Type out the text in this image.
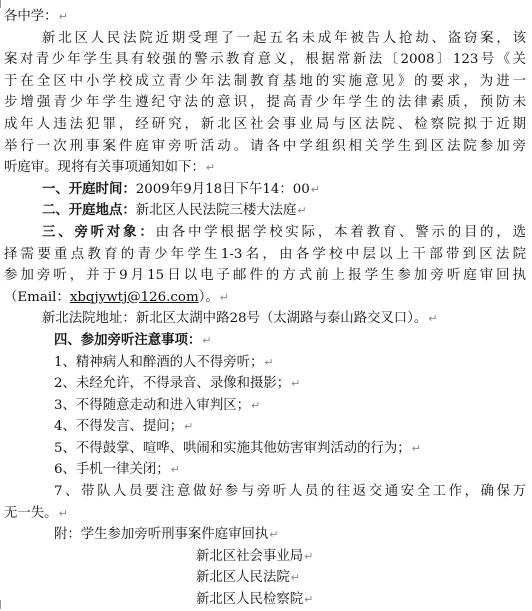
各中学：↵
新北区人民法院近期受理了一起五名未成年被告人抢劫、盗窃案，该
案对青少年学生具有较强的警示教育意义，根据常新法〔2008〕123号《关
于在全区中小学校成立青少年法制教育基地的实施意见》的要求，为进一
步增强青少年学生遵纪守法的意识，提高青少年学生的法律素质，预防未
成年人违法犯罪，经研究，新北区社会事业局与区法院、检察院拟于近期
举行一次刑事案件庭审旁听活动。请各中学组织相关学生到区法院参加旁
听庭审。现将有关事项通知如下：↵
一、开庭时间：2009年9月18日下午14：00↵
二、开庭地点：新北区人民法院三楼大法庭↵
三、旁听对象：由各中学根据学校实际，本着教育、警示的目的，选
择需要重点教育的青少年学生1-3名，由各学校中层以上干部带到区法院
参加旁听，并于9月15日以电子邮件的方式前上报学生参加旁听庭审回执
（Email：xbqjywtj@126.com）。↵
新北法院地址：新北区太湖中路28号（太湖路与泰山路交叉口）。↵
四、参加旁听注意事项：↵
1、精神病人和醉酒的人不得旁听；↵
2、未经允许，不得录音、录像和摄影；↵
3、不得随意走动和进入审判区；↵
4、不得发言、提问；↵
5、不得鼓掌、喧哗、哄闹和实施其他妨害审判活动的行为；↵
6、手机一律关闭；↵
7、带队人员要注意做好参与旁听人员的往返交通安全工作，确保万
无一失。↵
附：学生参加旁听刑事案件庭审回执↵
新北区社会事业局↵
新北区人民法院↵
新北区人民检察院↵
